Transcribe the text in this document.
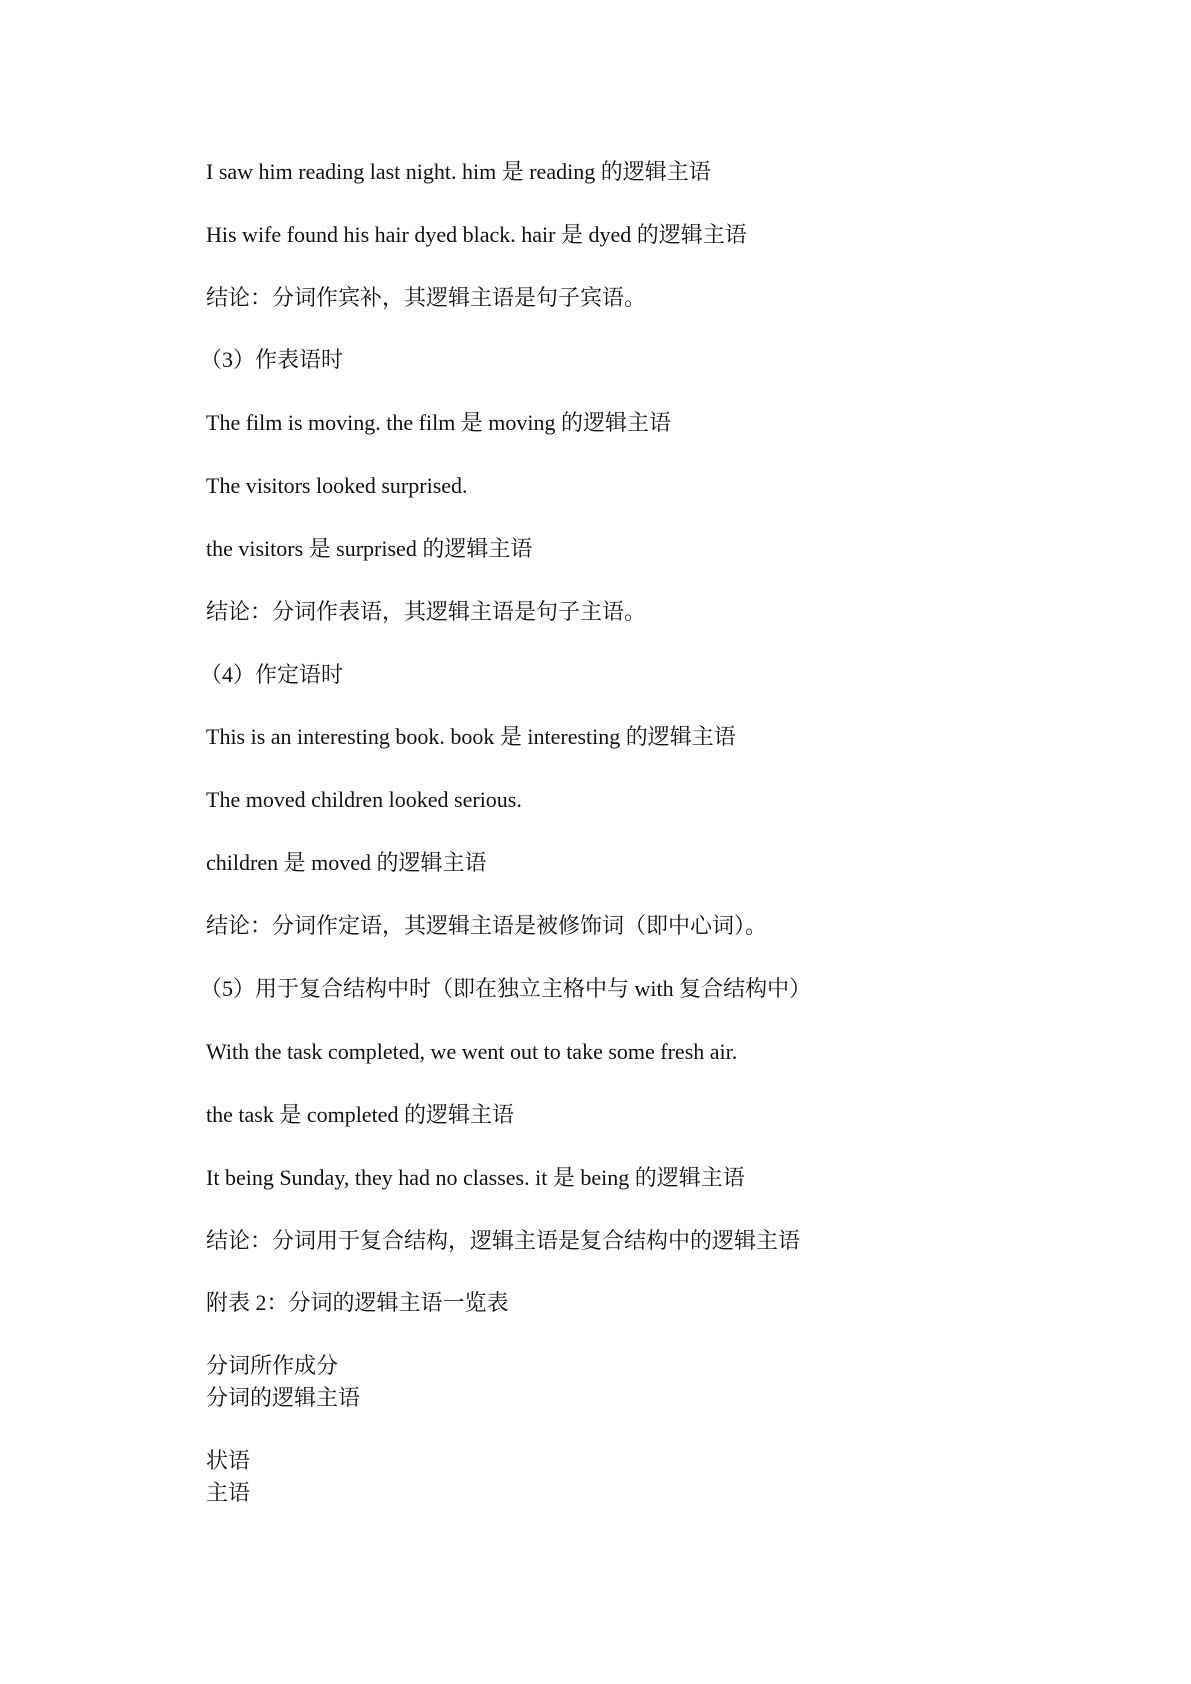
I saw him reading last night. him 是 reading 的逻辑主语

His wife found his hair dyed black. hair 是 dyed 的逻辑主语

结论：分词作宾补，其逻辑主语是句子宾语。

（3）作表语时

The film is moving. the film 是 moving 的逻辑主语

The visitors looked surprised.

the visitors 是 surprised 的逻辑主语

结论：分词作表语，其逻辑主语是句子主语。

（4）作定语时

This is an interesting book. book 是 interesting 的逻辑主语

The moved children looked serious.

children 是 moved 的逻辑主语

结论：分词作定语，其逻辑主语是被修饰词（即中心词）。

（5）用于复合结构中时（即在独立主格中与 with 复合结构中）

With the task completed, we went out to take some fresh air.

the task 是 completed 的逻辑主语

It being Sunday, they had no classes. it 是 being 的逻辑主语

结论：分词用于复合结构，逻辑主语是复合结构中的逻辑主语

附表 2：分词的逻辑主语一览表

分词所作成分

分词的逻辑主语

状语

主语
